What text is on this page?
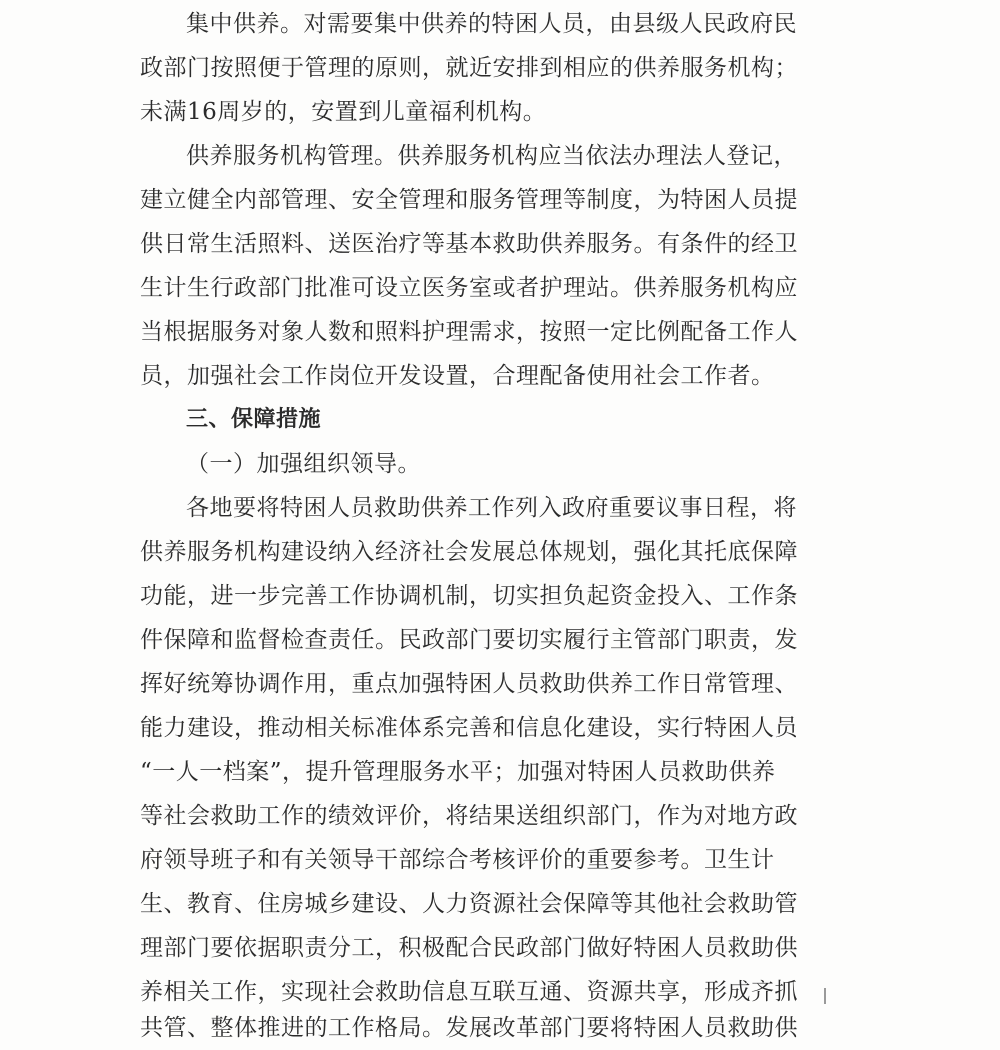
集中供养。对需要集中供养的特困人员，由县级人民政府民
政部门按照便于管理的原则，就近安排到相应的供养服务机构；
未满16周岁的，安置到儿童福利机构。
供养服务机构管理。供养服务机构应当依法办理法人登记，
建立健全内部管理、安全管理和服务管理等制度，为特困人员提
供日常生活照料、送医治疗等基本救助供养服务。有条件的经卫
生计生行政部门批准可设立医务室或者护理站。供养服务机构应
当根据服务对象人数和照料护理需求，按照一定比例配备工作人
员，加强社会工作岗位开发设置，合理配备使用社会工作者。
三、保障措施
（一）加强组织领导。
各地要将特困人员救助供养工作列入政府重要议事日程，将
供养服务机构建设纳入经济社会发展总体规划，强化其托底保障
功能，进一步完善工作协调机制，切实担负起资金投入、工作条
件保障和监督检查责任。民政部门要切实履行主管部门职责，发
挥好统筹协调作用，重点加强特困人员救助供养工作日常管理、
能力建设，推动相关标准体系完善和信息化建设，实行特困人员
“一人一档案”，提升管理服务水平；加强对特困人员救助供养
等社会救助工作的绩效评价，将结果送组织部门，作为对地方政
府领导班子和有关领导干部综合考核评价的重要参考。卫生计
生、教育、住房城乡建设、人力资源社会保障等其他社会救助管
理部门要依据职责分工，积极配合民政部门做好特困人员救助供
养相关工作，实现社会救助信息互联互通、资源共享，形成齐抓
共管、整体推进的工作格局。发展改革部门要将特困人员救助供
